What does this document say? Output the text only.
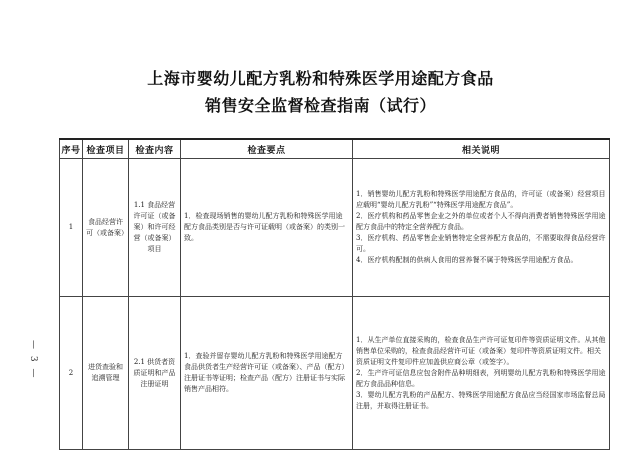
上海市婴幼儿配方乳粉和特殊医学用途配方食品
销售安全监督检查指南（试行）
序号	检查项目	检查内容	检查要点	相关说明
1	食品经营许可（或备案）	1.1 食品经营许可证（或备案）和许可经营（或备案）项目	1．检查现场销售的婴幼儿配方乳粉和特殊医学用途配方食品类别是否与许可证载明（或备案）的类别一致。	1．销售婴幼儿配方乳粉和特殊医学用途配方食品的，许可证（或备案）经营项目应载明“婴幼儿配方乳粉”“特殊医学用途配方食品”。
2．医疗机构和药品零售企业之外的单位或者个人不得向消费者销售特殊医学用途配方食品中的特定全营养配方食品。
3．医疗机构、药品零售企业销售特定全营养配方食品的，不需要取得食品经营许可。
4．医疗机构配制的供病人食用的营养餐不属于特殊医学用途配方食品。

2	进货查验和追溯管理	2.1 供货者资质证明和产品注册证明	1．查验并留存婴幼儿配方乳粉和特殊医学用途配方食品供货者生产经营许可证（或备案）、产品（配方）注册证书等证明；检查产品（配方）注册证书与实际销售产品相符。	1．从生产单位直接采购的，检查食品生产许可证复印件等资质证明文件。从其他销售单位采购的，检查食品经营许可证（或备案）复印件等资质证明文件。相关资质证明文件复印件应加盖供应商公章（或签字）。
2．生产许可证信息应包含附件品种明细表，列明婴幼儿配方乳粉和特殊医学用途配方食品品种信息。
3．婴幼儿配方乳粉的产品配方、特殊医学用途配方食品应当经国家市场监督总局注册，并取得注册证书。
— 3 —
